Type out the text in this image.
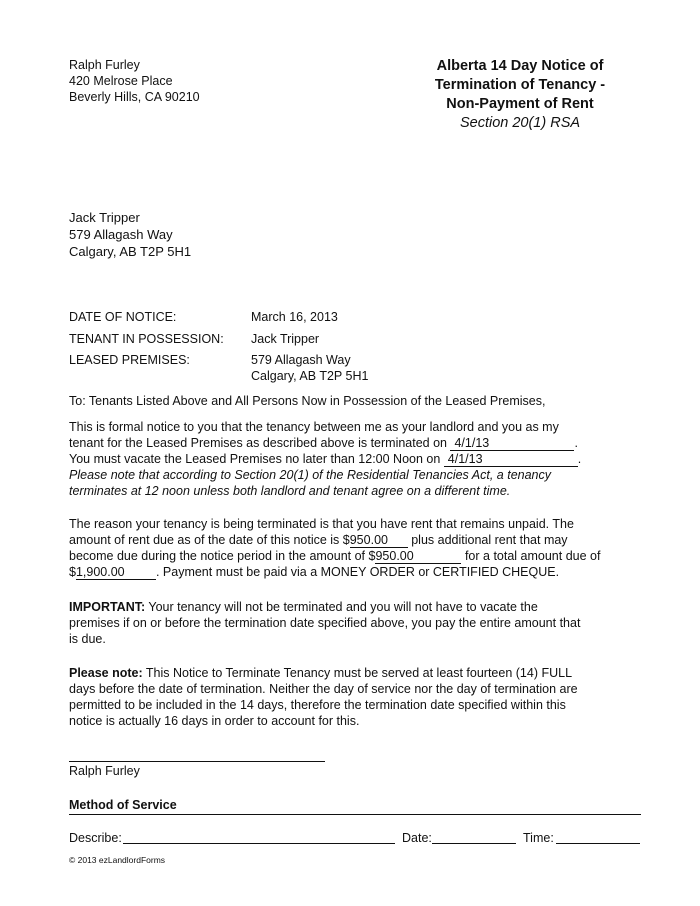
Ralph Furley
420 Melrose Place
Beverly Hills, CA 90210
Alberta 14 Day Notice of
Termination of Tenancy -
Non-Payment of Rent
Section 20(1) RSA
Jack Tripper
579 Allagash Way
Calgary, AB T2P 5H1
DATE OF NOTICE:	March 16, 2013
TENANT IN POSSESSION: Jack Tripper
LEASED PREMISES:	579 Allagash Way
Calgary, AB T2P 5H1
To: Tenants Listed Above and All Persons Now in Possession of the Leased Premises,
This is formal notice to you that the tenancy between me as your landlord and you as my
tenant for the Leased Premises as described above is terminated on 4/1/13	.
You must vacate the Leased Premises no later than 12:00 Noon on 4/1/13	.
Please note that according to Section 20(1) of the Residential Tenancies Act, a tenancy
terminates at 12 noon unless both landlord and tenant agree on a different time.
The reason your tenancy is being terminated is that you have rent that remains unpaid. The
amount of rent due as of the date of this notice is $950.00 plus additional rent that may
become due during the notice period in the amount of $950.00	for a total amount due of
$1,900.00	. Payment must be paid via a MONEY ORDER or CERTIFIED CHEQUE.
IMPORTANT: Your tenancy will not be terminated and you will not have to vacate the
premises if on or before the termination date specified above, you pay the entire amount that
is due.
Please note: This Notice to Terminate Tenancy must be served at least fourteen (14) FULL
days before the date of termination. Neither the day of service nor the day of termination are
permitted to be included in the 14 days, therefore the termination date specified within this
notice is actually 16 days in order to account for this.
Ralph Furley
Method of Service
Describe:	Date:	Time:
© 2013 ezLandlordForms
